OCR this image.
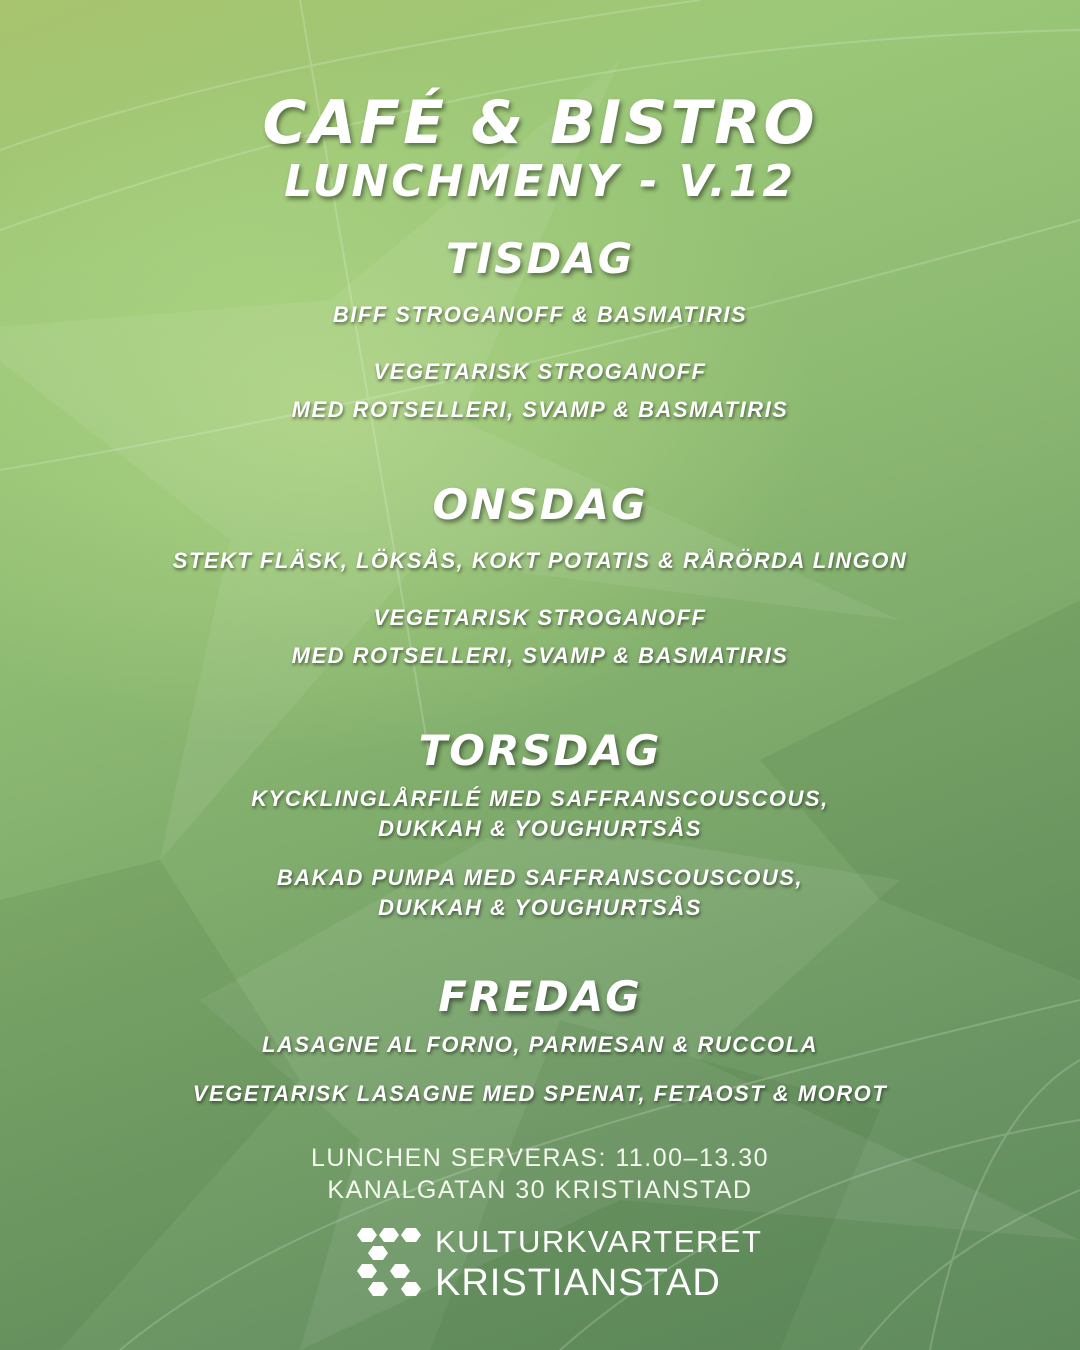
CAFÉ & BISTRO
LUNCHMENY - V.12
TISDAG
BIFF STROGANOFF & BASMATIRIS
VEGETARISK STROGANOFF
MED ROTSELLERI, SVAMP & BASMATIRIS
ONSDAG
STEKT FLÄSK, LÖKSÅS, KOKT POTATIS & RÅRÖRDA LINGON
VEGETARISK STROGANOFF
MED ROTSELLERI, SVAMP & BASMATIRIS
TORSDAG
KYCKLINGLÅRFILÉ MED SAFFRANSCOUSCOUS,
DUKKAH & YOUGHURTSÅS
BAKAD PUMPA MED SAFFRANSCOUSCOUS,
DUKKAH & YOUGHURTSÅS
FREDAG
LASAGNE AL FORNO, PARMESAN & RUCCOLA
VEGETARISK LASAGNE MED SPENAT, FETAOST & MOROT
LUNCHEN SERVERAS: 11.00–13.30
KANALGATAN 30 KRISTIANSTAD
KULTURKVARTERET
KRISTIANSTAD
